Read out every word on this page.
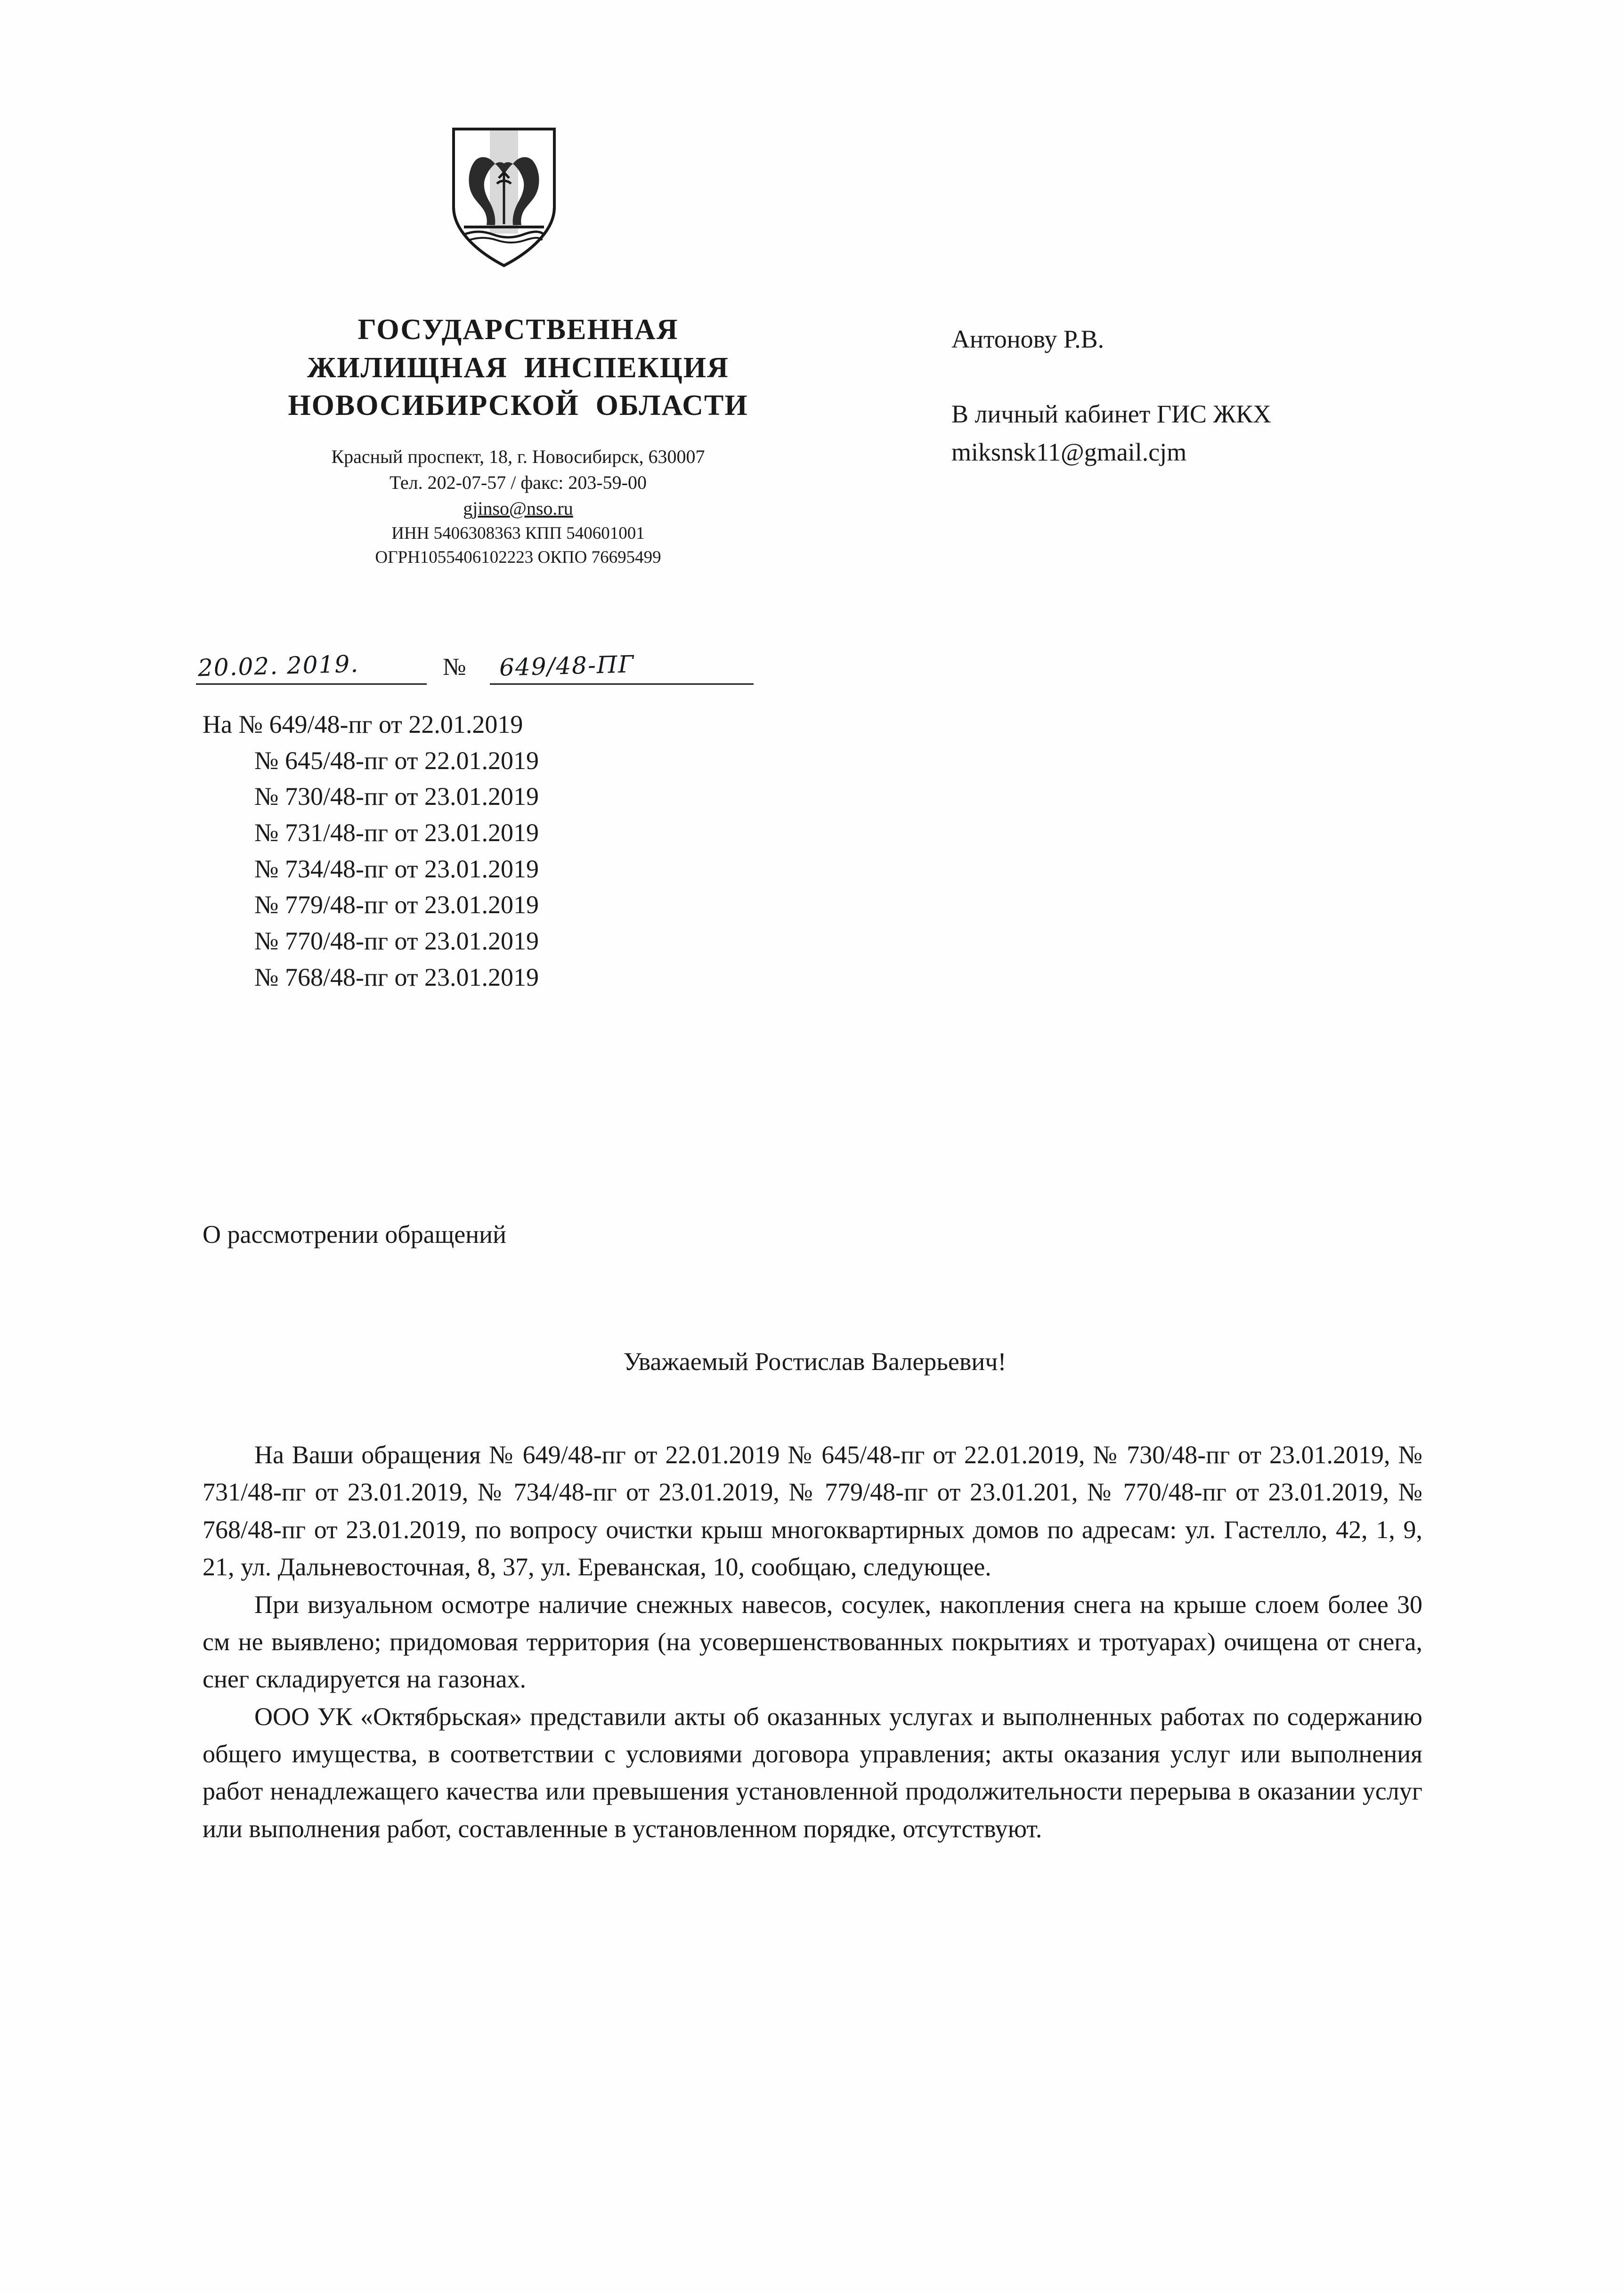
ГОСУДАРСТВЕННАЯ
ЖИЛИЩНАЯ  ИНСПЕКЦИЯ
НОВОСИБИРСКОЙ  ОБЛАСТИ
Красный проспект, 18, г. Новосибирск, 630007
Тел. 202-07-57 / факс: 203-59-00
gjinso@nso.ru
ИНН 5406308363 КПП 540601001
ОГРН1055406102223 ОКПО 76695499
20.02. 2019.	№ 649/48-ПГ

На № 649/48-пг от 22.01.2019

№ 645/48-пг от 22.01.2019

№ 730/48-пг от 23.01.2019

№ 731/48-пг от 23.01.2019

№ 734/48-пг от 23.01.2019

№ 779/48-пг от 23.01.2019

№ 770/48-пг от 23.01.2019

№ 768/48-пг от 23.01.2019

Антонову Р.В.

В личный кабинет ГИС ЖКХ

miksnsk11@gmail.cjm

О рассмотрении обращений
Уважаемый Ростислав Валерьевич!

На Ваши обращения № 649/48-пг от 22.01.2019 № 645/48-пг от 22.01.2019, № 730/48-пг от 23.01.2019, № 731/48-пг от 23.01.2019, № 734/48-пг от 23.01.2019, № 779/48-пг от 23.01.201, № 770/48-пг от 23.01.2019, № 768/48-пг от 23.01.2019, по вопросу очистки крыш многоквартирных домов по адресам: ул. Гастелло, 42, 1, 9, 21, ул. Дальневосточная, 8, 37, ул. Ереванская, 10, сообщаю, следующее.

При визуальном осмотре наличие снежных навесов, сосулек, накопления снега на крыше слоем более 30 см не выявлено; придомовая территория (на усовершенствованных покрытиях и тротуарах) очищена от снега, снег складируется на газонах.

ООО УК «Октябрьская» представили акты об оказанных услугах и выполненных работах по содержанию общего имущества, в соответствии с условиями договора управления; акты оказания услуг или выполнения работ ненадлежащего качества или превышения установленной продолжительности перерыва в оказании услуг или выполнения работ, составленные в установленном порядке, отсутствуют.
